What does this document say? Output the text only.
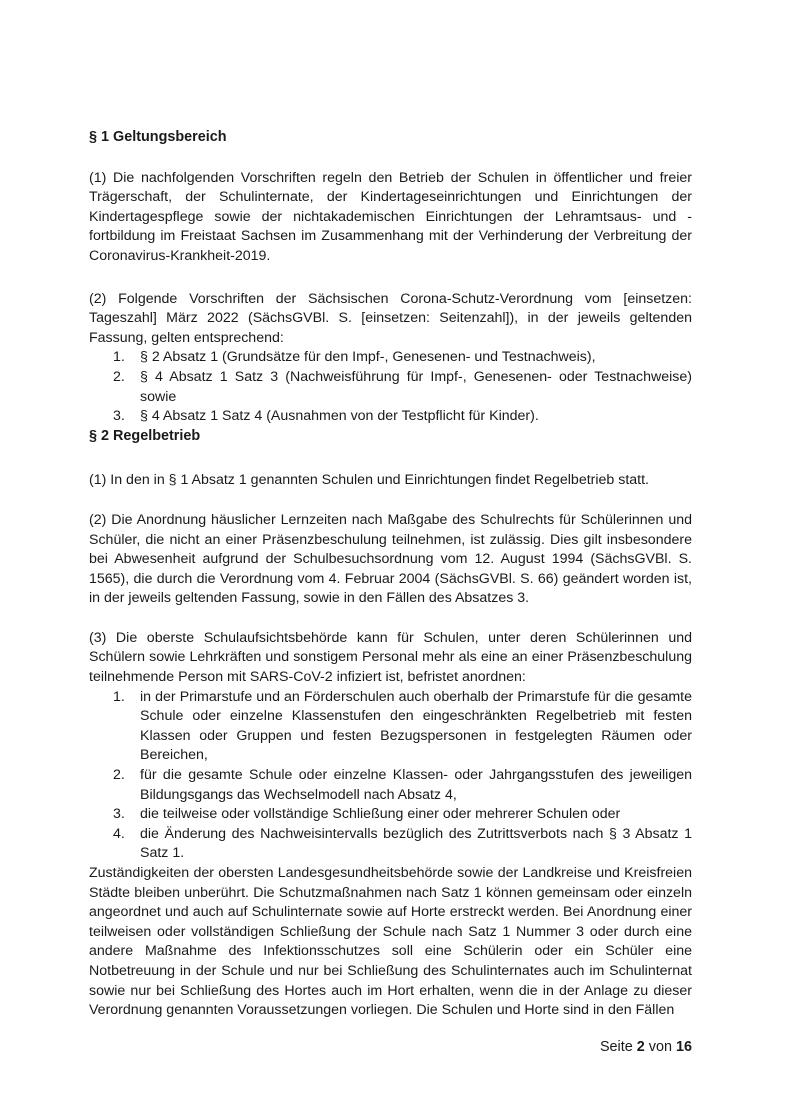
§ 1 Geltungsbereich

(1) Die nachfolgenden Vorschriften regeln den Betrieb der Schulen in öffentlicher und freier Trägerschaft, der Schulinternate, der Kindertageseinrichtungen und Einrichtungen der Kindertagespflege sowie der nichtakademischen Einrichtungen der Lehramtsaus- und -fortbildung im Freistaat Sachsen im Zusammenhang mit der Verhinderung der Verbreitung der Coronavirus-Krankheit-2019.

(2) Folgende Vorschriften der Sächsischen Corona-Schutz-Verordnung vom [einsetzen: Tageszahl] März 2022 (SächsGVBl. S. [einsetzen: Seitenzahl]), in der jeweils geltenden Fassung, gelten entsprechend:

1. § 2 Absatz 1 (Grundsätze für den Impf-, Genesenen- und Testnachweis),
2. § 4 Absatz 1 Satz 3 (Nachweisführung für Impf-, Genesenen- oder Testnachweise) sowie
3. § 4 Absatz 1 Satz 4 (Ausnahmen von der Testpflicht für Kinder).
§ 2 Regelbetrieb

(1) In den in § 1 Absatz 1 genannten Schulen und Einrichtungen findet Regelbetrieb statt.

(2) Die Anordnung häuslicher Lernzeiten nach Maßgabe des Schulrechts für Schülerinnen und Schüler, die nicht an einer Präsenzbeschulung teilnehmen, ist zulässig. Dies gilt insbesondere bei Abwesenheit aufgrund der Schulbesuchsordnung vom 12. August 1994 (SächsGVBl. S. 1565), die durch die Verordnung vom 4. Februar 2004 (SächsGVBl. S. 66) geändert worden ist, in der jeweils geltenden Fassung, sowie in den Fällen des Absatzes 3.

(3) Die oberste Schulaufsichtsbehörde kann für Schulen, unter deren Schülerinnen und Schülern sowie Lehrkräften und sonstigem Personal mehr als eine an einer Präsenzbeschulung teilnehmende Person mit SARS-CoV-2 infiziert ist, befristet anordnen:

1. in der Primarstufe und an Förderschulen auch oberhalb der Primarstufe für die gesamte Schule oder einzelne Klassenstufen den eingeschränkten Regelbetrieb mit festen Klassen oder Gruppen und festen Bezugspersonen in festgelegten Räumen oder Bereichen,
2. für die gesamte Schule oder einzelne Klassen- oder Jahrgangsstufen des jeweiligen Bildungsgangs das Wechselmodell nach Absatz 4,
3. die teilweise oder vollständige Schließung einer oder mehrerer Schulen oder
4. die Änderung des Nachweisintervalls bezüglich des Zutrittsverbots nach § 3 Absatz 1 Satz 1.

Zuständigkeiten der obersten Landesgesundheitsbehörde sowie der Landkreise und Kreisfreien Städte bleiben unberührt. Die Schutzmaßnahmen nach Satz 1 können gemeinsam oder einzeln angeordnet und auch auf Schulinternate sowie auf Horte erstreckt werden. Bei Anordnung einer teilweisen oder vollständigen Schließung der Schule nach Satz 1 Nummer 3 oder durch eine andere Maßnahme des Infektionsschutzes soll eine Schülerin oder ein Schüler eine Notbetreuung in der Schule und nur bei Schließung des Schulinternates auch im Schulinternat sowie nur bei Schließung des Hortes auch im Hort erhalten, wenn die in der Anlage zu dieser Verordnung genannten Voraussetzungen vorliegen. Die Schulen und Horte sind in den Fällen

Seite 2 von 16
